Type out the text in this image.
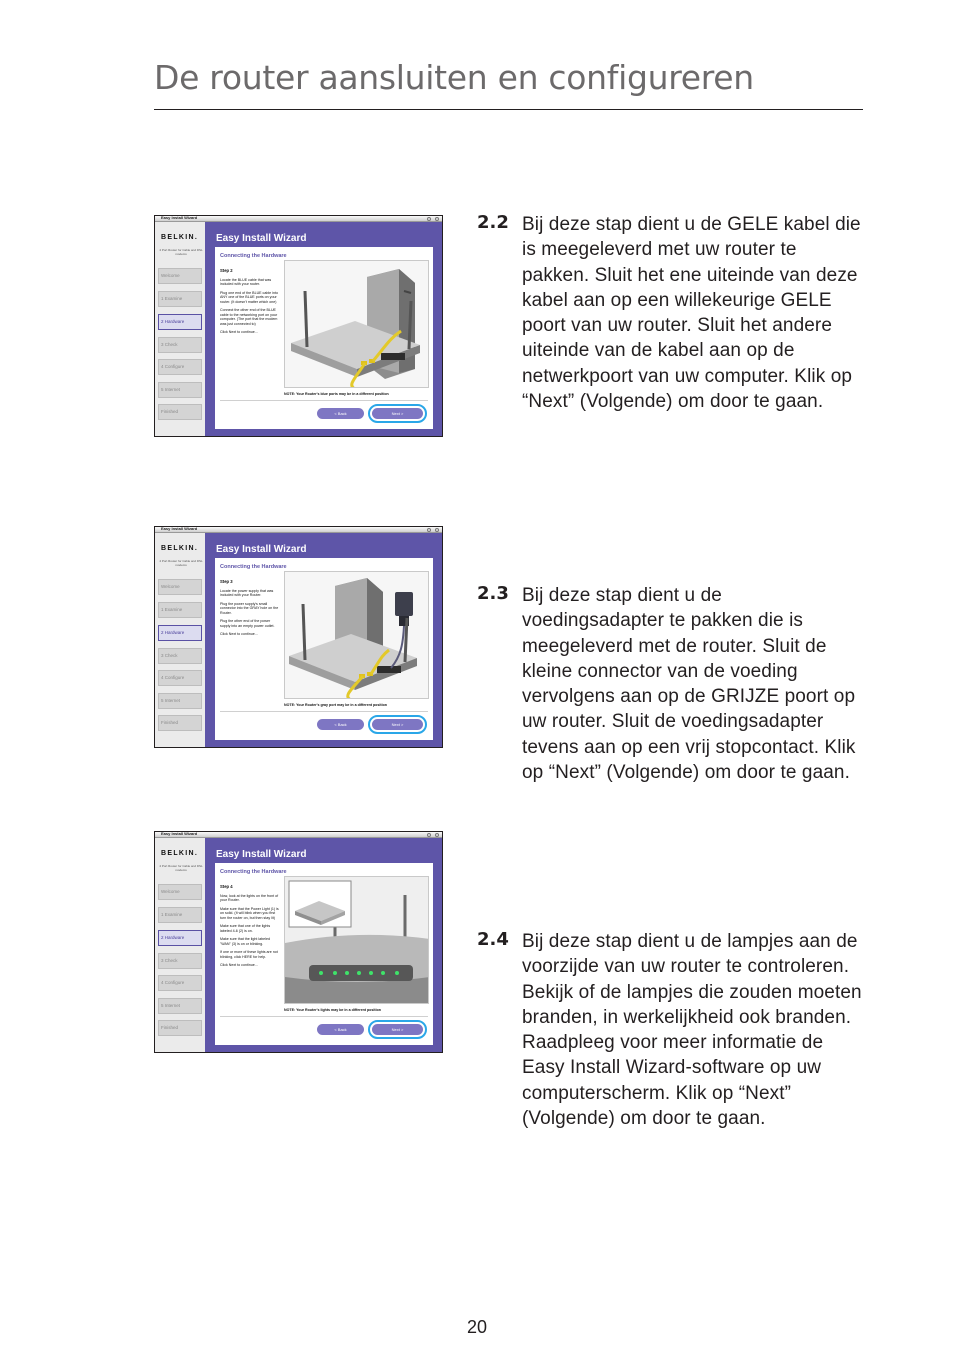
De router aansluiten en configureren
Easy Install Wizard
BELKIN.
4 Port Router for Cable and DSL modems
Welcome
1 Examine
2 Hardware
3 Check
4 Configure
5 Internet
Finished
Easy Install Wizard
Connecting the Hardware
Step 2

Locate the BLUE cable that was included with your router.

Plug one end of the BLUE cable into ANY one of the BLUE ports on your router. (It doesn't matter which one)

Connect the other end of the BLUE cable to the networking port on your computer. (The port that the modem was just connected to)

Click Next to continue...

NOTE: Your Router's blue ports may be in a different position
< Back	Next >
Easy Install Wizard
BELKIN.
4 Port Router for Cable and DSL modems
Welcome
1 Examine
2 Hardware
3 Check
4 Configure
5 Internet
Finished
Easy Install Wizard
Connecting the Hardware
Step 3

Locate the power supply that was included with your Router.

Plug the power supply's small connector into the GRAY hole on the Router.

Plug the other end of the power supply into an empty power outlet.

Click Next to continue...

NOTE: Your Router's gray port may be in a different position
< Back	Next >
Easy Install Wizard
BELKIN.
4 Port Router for Cable and DSL modems
Welcome
1 Examine
2 Hardware
3 Check
4 Configure
5 Internet
Finished
Easy Install Wizard
Connecting the Hardware
Step 4

Now, look at the lights on the front of your Router.

Make sure that the Power Light (1) is on solid. (It will blink when you first turn the router on, but then stay lit)

Make sure that one of the lights labeled 4-6 (2) is on.

Make sure that the light labeled "WAN" (3) is on or blinking.

If one or more of these lights are not blinking, click HERE for help.

Click Next to continue...

NOTE: Your Router's lights may be in a different position
< Back	Next >
2.2 Bij deze stap dient u de GELE kabel die is meegeleverd met uw router te pakken. Sluit het ene uiteinde van deze kabel aan op een willekeurige GELE poort van uw router. Sluit het andere uiteinde van de kabel aan op de netwerkpoort van uw computer. Klik op “Next” (Volgende) om door te gaan.
2.3 Bij deze stap dient u de voedingsadapter te pakken die is meegeleverd met de router. Sluit de kleine connector van de voeding vervolgens aan op de GRIJZE poort op uw router. Sluit de voedingsadapter tevens aan op een vrij stopcontact. Klik op “Next” (Volgende) om door te gaan.
2.4 Bij deze stap dient u de lampjes aan de voorzijde van uw router te controleren. Bekijk of de lampjes die zouden moeten branden, in werkelijkheid ook branden. Raadpleeg voor meer informatie de Easy Install Wizard-software op uw computerscherm. Klik op “Next” (Volgende) om door te gaan.
20
